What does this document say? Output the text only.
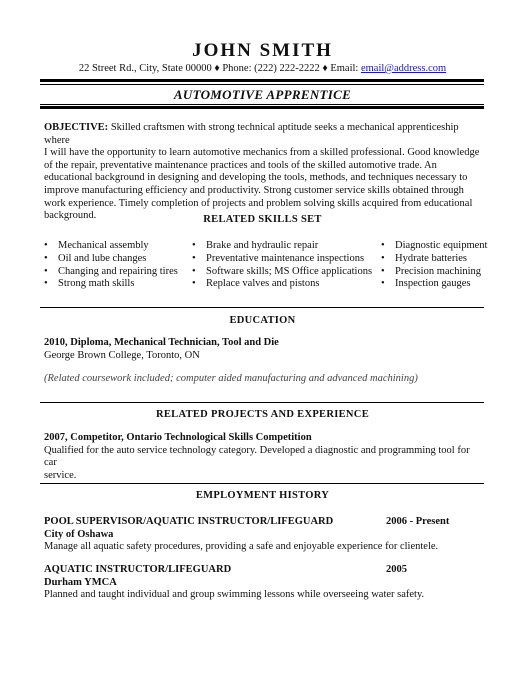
JOHN SMITH
22 Street Rd., City, State 00000 ♦ Phone: (222) 222-2222 ♦ Email: email@address.com
AUTOMOTIVE APPRENTICE
OBJECTIVE: Skilled craftsmen with strong technical aptitude seeks a mechanical apprenticeship where
I will have the opportunity to learn automotive mechanics from a skilled professional. Good knowledge
of the repair, preventative maintenance practices and tools of the skilled automotive trade. An
educational background in designing and developing the tools, methods, and techniques necessary to
improve manufacturing efficiency and productivity. Strong customer service skills obtained through
work experience. Timely completion of projects and problem solving skills acquired from educational
background.	RELATED SKILLS SET
• Mechanical assembly
• Oil and lube changes
• Changing and repairing tires
• Strong math skills
• Brake and hydraulic repair
• Preventative maintenance inspections
• Software skills; MS Office applications
• Replace valves and pistons
• Diagnostic equipment
• Hydrate batteries
• Precision machining
• Inspection gauges
EDUCATION
2010, Diploma, Mechanical Technician, Tool and Die
George Brown College, Toronto, ON
(Related coursework included; computer aided manufacturing and advanced machining)
RELATED PROJECTS AND EXPERIENCE
2007, Competitor, Ontario Technological Skills Competition
Qualified for the auto service technology category. Developed a diagnostic and programming tool for car
service.
EMPLOYMENT HISTORY
POOL SUPERVISOR/AQUATIC INSTRUCTOR/LIFEGUARD	2006 - Present
City of Oshawa
Manage all aquatic safety procedures, providing a safe and enjoyable experience for clientele.
AQUATIC INSTRUCTOR/LIFEGUARD	2005
Durham YMCA
Planned and taught individual and group swimming lessons while overseeing water safety.
